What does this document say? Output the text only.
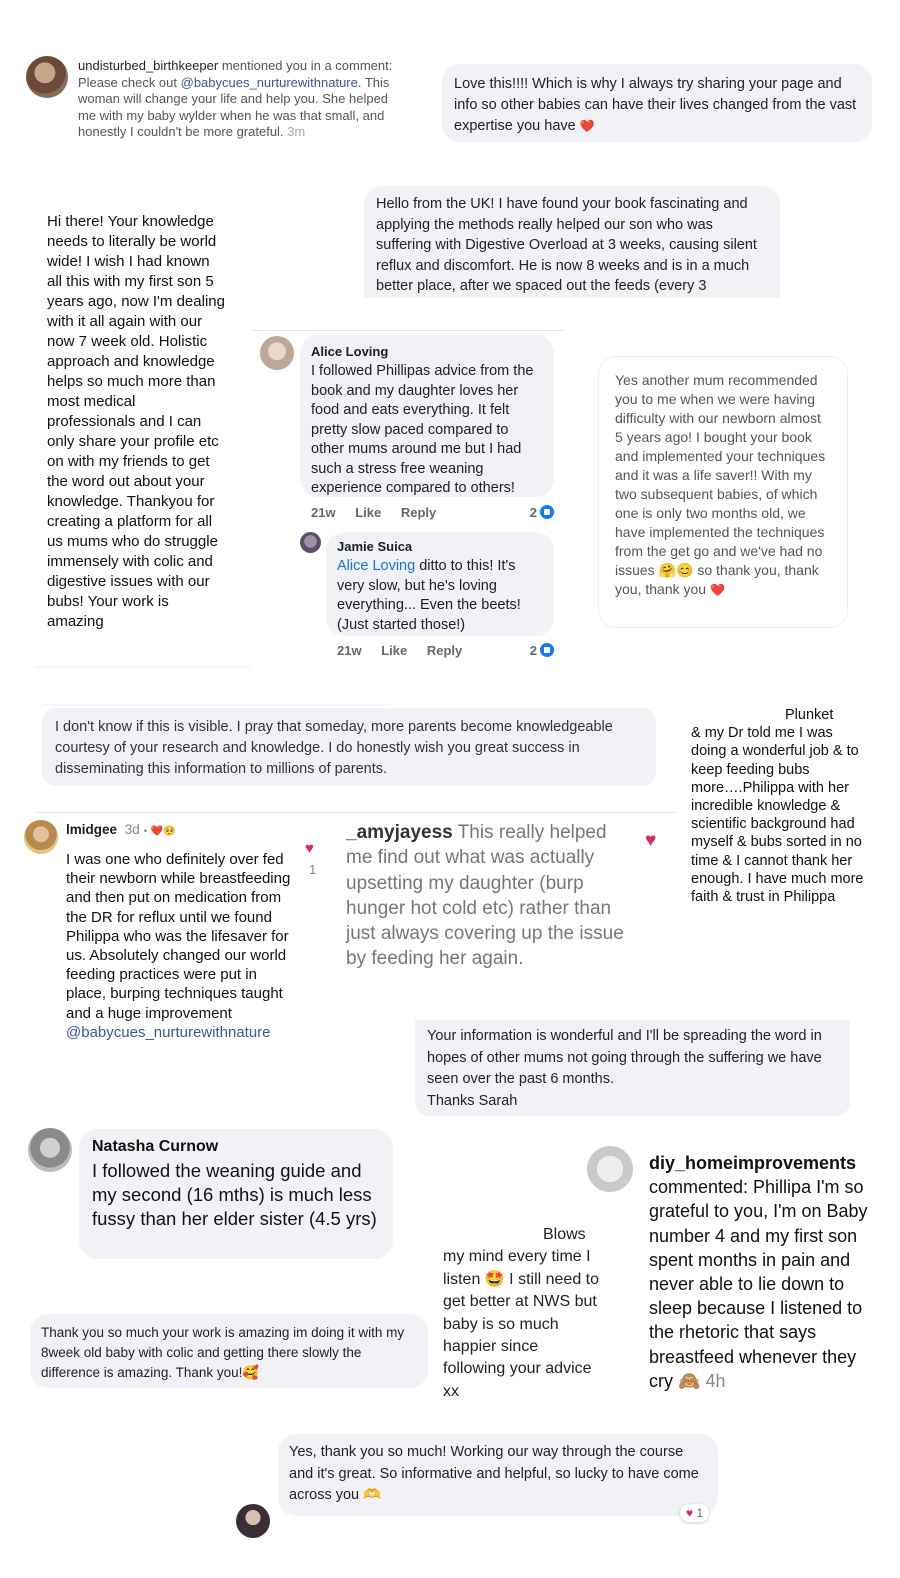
undisturbed_birthkeeper mentioned you in a comment: Please check out @babycues_nurturewithnature. This woman will change your life and help you. She helped me with my baby wylder when he was that small, and honestly I couldn't be more grateful. 3m
Love this!!!! Which is why I always try sharing your page and info so other babies can have their lives changed from the vast expertise you have ❤️
Hello from the UK! I have found your book fascinating and applying the methods really helped our son who was suffering with Digestive Overload at 3 weeks, causing silent reflux and discomfort. He is now 8 weeks and is in a much better place, after we spaced out the feeds (every 3
Hi there! Your knowledge needs to literally be world wide! I wish I had known all this with my first son 5 years ago, now I'm dealing with it all again with our now 7 week old. Holistic approach and knowledge helps so much more than most medical professionals and I can only share your profile etc on with my friends to get the word out about your knowledge. Thankyou for creating a platform for all us mums who do struggle immensely with colic and digestive issues with our bubs! Your work is amazing
Alice Loving
I followed Phillipas advice from the book and my daughter loves her food and eats everything. It felt pretty slow paced compared to other mums around me but I had such a stress free weaning experience compared to others!
21w Like Reply	2
Jamie Suica
Alice Loving ditto to this! It's very slow, but he's loving everything... Even the beets! (Just started those!)
21w Like Reply	2
Yes another mum recommended you to me when we were having difficulty with our newborn almost 5 years ago! I bought your book and implemented your techniques and it was a life saver!! With my two subsequent babies, of which one is only two months old, we have implemented the techniques from the get go and we've had no issues 🤗😊 so thank you, thank you, thank you ❤️
I don't know if this is visible. I pray that someday, more parents become knowledgeable courtesy of your research and knowledge. I do honestly wish you great success in disseminating this information to millions of parents.
Plunket
& my Dr told me I was doing a wonderful job & to keep feeding bubs more….Philippa with her incredible knowledge & scientific background had myself & bubs sorted in no time & I cannot thank her enough. I have much more faith & trust in Philippa
lmidgee 3d • ❤️🥺
I was one who definitely over fed their newborn while breastfeeding and then put on medication from the DR for reflux until we found Philippa who was the lifesaver for us. Absolutely changed our world feeding practices were put in place, burping techniques taught and a huge improvement @babycues_nurturewithnature
♥
1
_amyjayess This really helped me find out what was actually upsetting my daughter (burp hunger hot cold etc) rather than just always covering up the issue by feeding her again.
♥
Your information is wonderful and I'll be spreading the word in hopes of other mums not going through the suffering we have seen over the past 6 months.
Thanks Sarah
Natasha Curnow
I followed the weaning guide and my second (16 mths) is much less fussy than her elder sister (4.5 yrs)
Blows
my mind every time I listen 🤩 I still need to get better at NWS but baby is so much happier since following your advice xx
diy_homeimprovements
commented: Phillipa I'm so grateful to you, I'm on Baby number 4 and my first son spent months in pain and never able to lie down to sleep because I listened to the rhetoric that says breastfeed whenever they cry 🙈 4h
Thank you so much your work is amazing im doing it with my 8week old baby with colic and getting there slowly the difference is amazing. Thank you!🥰
Yes, thank you so much! Working our way through the course and it's great. So informative and helpful, so lucky to have come across you 🫶
♥ 1
